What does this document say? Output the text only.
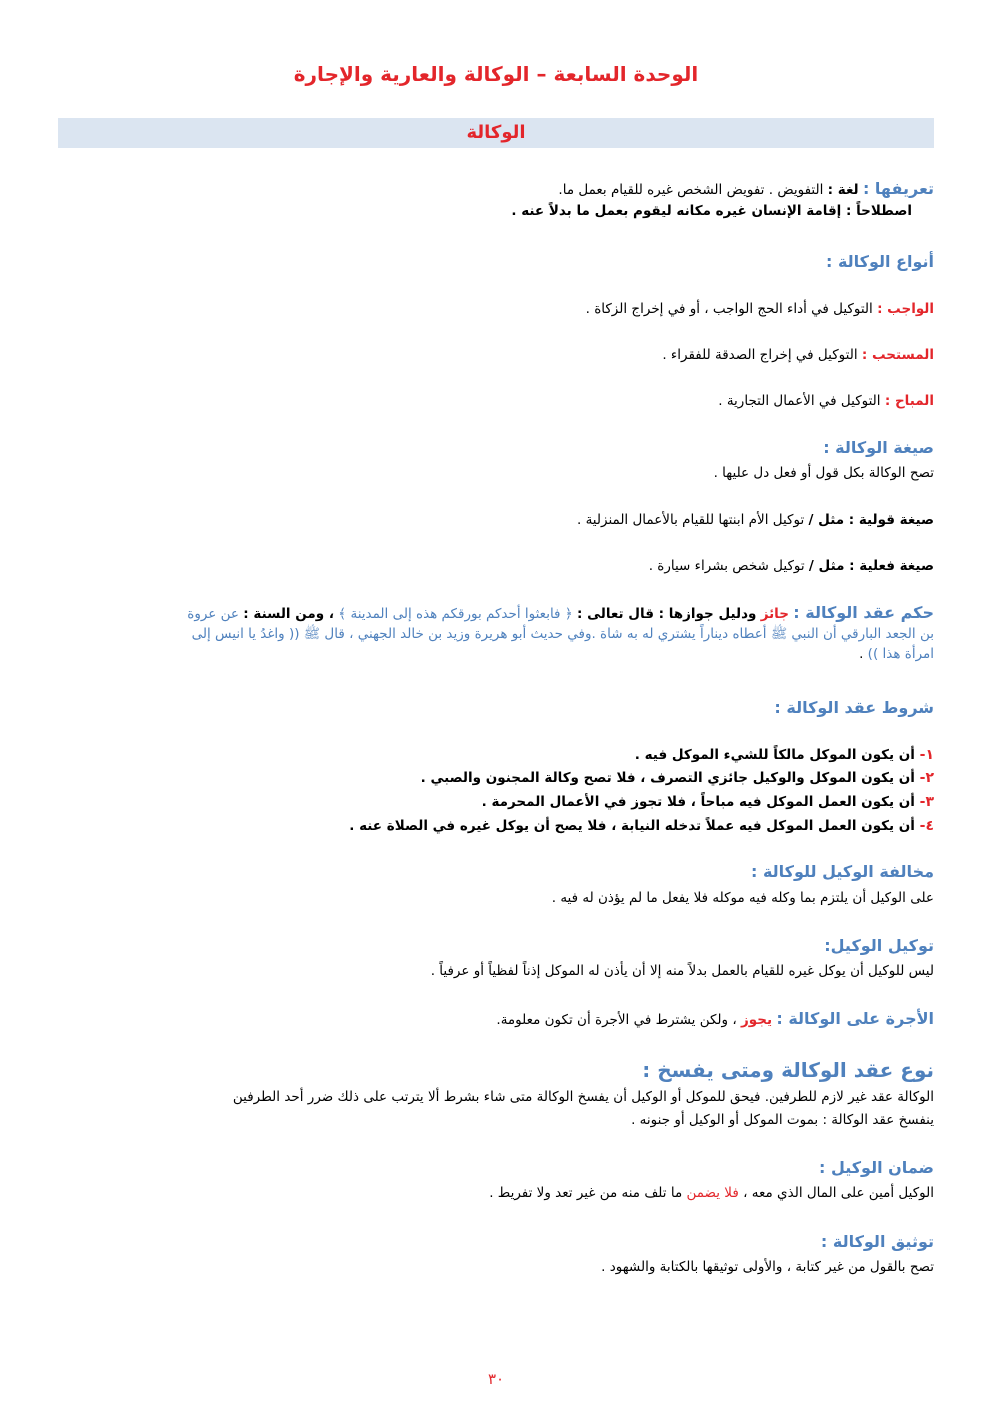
الوحدة السابعة – الوكالة والعارية والإجارة
الوكالة
تعريفها : لغة : التفويض . تفويض الشخص غيره للقيام بعمل ما.
اصطلاحاً : إقامة الإنسان غيره مكانه ليقوم بعمل ما بدلاً عنه .
أنواع الوكالة :
الواجب : التوكيل في أداء الحج الواجب ، أو في إخراج الزكاة .
المستحب : التوكيل في إخراج الصدقة للفقراء .
المباح : التوكيل في الأعمال التجارية .
صيغة الوكالة :
تصح الوكالة بكل قول أو فعل دل عليها .
صيغة قولية : مثل / توكيل الأم ابنتها للقيام بالأعمال المنزلية .
صيغة فعلية : مثل / توكيل شخص بشراء سيارة .
حكم عقد الوكالة : جائز ودليل جوازها : قال تعالى : ﴿ فابعثوا أحدكم بورقكم هذه إلى المدينة ﴾ ، ومن السنة : عن عروة بن الجعد البارقي أن النبي ﷺ أعطاه ديناراً يشتري له به شاة .وفي حديث أبو هريرة وزيد بن خالد الجهني ، قال ﷺ (( واغدُ يا انيس إلى امرأة هذا )) .
شروط عقد الوكالة :
١- أن يكون الموكل مالكاً للشيء الموكل فيه .
٢- أن يكون الموكل والوكيل جائزي التصرف ، فلا تصح وكالة المجنون والصبي .
٣- أن يكون العمل الموكل فيه مباحاً ، فلا تجوز في الأعمال المحرمة .
٤- أن يكون العمل الموكل فيه عملاً تدخله النيابة ، فلا يصح أن يوكل غيره في الصلاة عنه .
مخالفة الوكيل للوكالة :
على الوكيل أن يلتزم بما وكله فيه موكله فلا يفعل ما لم يؤذن له فيه .
توكيل الوكيل:
ليس للوكيل أن يوكل غيره للقيام بالعمل بدلاً منه إلا أن يأذن له الموكل إذناً لفظياً أو عرفياً .
الأجرة على الوكالة : يجوز ، ولكن يشترط في الأجرة أن تكون معلومة.
نوع عقد الوكالة ومتى يفسخ :
الوكالة عقد غير لازم للطرفين. فيحق للموكل أو الوكيل أن يفسخ الوكالة متى شاء بشرط ألا يترتب على ذلك ضرر أحد الطرفين
ينفسخ عقد الوكالة : بموت الموكل أو الوكيل أو جنونه .
ضمان الوكيل :
الوكيل أمين على المال الذي معه ، فلا يضمن ما تلف منه من غير تعد ولا تفريط .
توثيق الوكالة :
تصح بالقول من غير كتابة ، والأولى توثيقها بالكتابة والشهود .
٣٠
